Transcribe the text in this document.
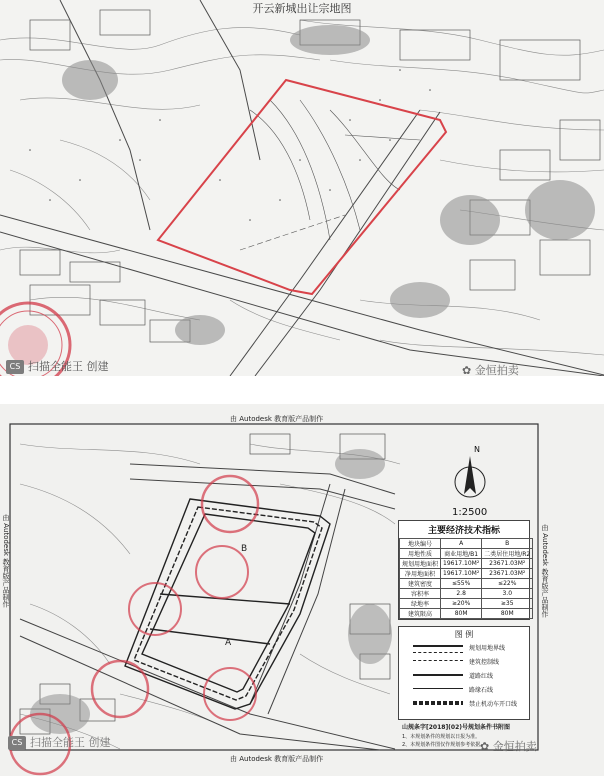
开云新城出让宗地图
CS 扫描全能王 创建	✿ 金恒拍卖
由 Autodesk 教育版产品制作
由 Autodesk 教育版产品制作
由 Autodesk 教育版产品制作	由 Autodesk 教育版产品制作
B
A
CS 扫描全能王 创建	✿ 金恒拍卖
N
1:2500
主要经济技术指标
地块编号	A	B
用地性质	商业用地/B1	二类居住用地/R2
规划用地面积	19617.10M²	23671.03M²
净用地面积	19617.10M²	23671.03M²
建筑密度	≤55%	≤22%
容积率	2.8	3.0
绿地率	≥20%	≥35
建筑限高	80M	80M
图 例
规划用地界线
建筑控制线
道路红线
路缘石线
禁止机动车开口线
山规条字[2018](02)号规划条件书附图
1、本规划条件的规划以日报为准。
2、本规划条件图仅作规划参考依据。
